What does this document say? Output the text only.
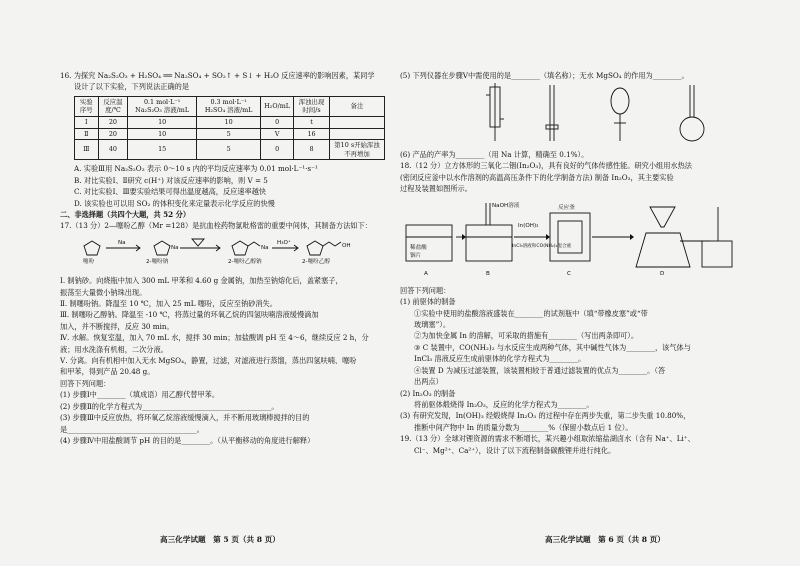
16. 为探究 Na₂S₂O₃ + H₂SO₄ ══ Na₂SO₄ + SO₂↑ + S↓ + H₂O 反应速率的影响因素，某同学

设计了以下实验，下列说法正确的是

实验序号	反应温度/℃	0.1 mol·L⁻¹ Na₂S₂O₃ 溶液/mL	0.3 mol·L⁻¹ H₂SO₄ 溶液/mL	H₂O/mL	浑浊出现时间/s	备注
Ⅰ	20	10	10	0	t	
Ⅱ	20	10	5	V	16	
Ⅲ	40	15	5	0	8	第10 s开始浑浊不再增加

A. 实验Ⅲ用 Na₂S₂O₃ 表示 0～10 s 内的平均反应速率为 0.01 mol·L⁻¹·s⁻¹

B. 对比实验Ⅰ、Ⅱ研究 c(H⁺) 对该反应速率的影响，则 V = 5

C. 对比实验Ⅰ、Ⅲ要实验结果可得出温度越高，反应速率越快

D. 该实验也可以用 SO₂ 的体积变化来定量表示化学反应的快慢

二、非选择题（共四个大题，共 52 分）

17.（13 分）2—噻吩乙醇（Mr =128）是抗血栓药物氯吡格雷的重要中间体，其制备方法如下：

噻吩	2-噻吩钠	2-噻吩乙醇钠	2-噻吩乙醇
Na	H₃O⁺
Na	Na	OH

Ⅰ. 制钠砂。向烧瓶中加入 300 mL 甲苯和 4.60 g 金属钠，加热至钠熔化后，盖紧塞子，

振荡至大量微小钠珠出现。

Ⅱ. 制噻吩钠。降温至 10 ℃，加入 25 mL 噻吩，反应至钠砂消失。

Ⅲ. 制噻吩乙醇钠。降温至 -10 ℃，将蒸过量的环氧乙烷的四氢呋喃溶液缓慢滴加

加入，并不断搅拌，反应 30 min。

Ⅳ. 水解。恢复室温，加入 70 mL 水，搅拌 30 min；加盐酸调 pH 至 4～6，继续反应 2 h，分

液；用水洗涤有机相，二次分液。

Ⅴ. 分离。向有机相中加入无水 MgSO₄，静置，过滤，对滤液进行蒸馏，蒸出四氢呋喃、噻吩

和甲苯，得到产品 20.48 g。

回答下列问题：

(1) 步骤Ⅰ中________（填成语）用乙醇代替甲苯。

(2) 步骤Ⅱ的化学方程式为____________________________________。

(3) 步骤Ⅲ中反应放热，将环氧乙烷溶液缓慢滴入，并不断用玻璃棒搅拌的目的

是____________________________________。

(4) 步骤Ⅳ中用盐酸调节 pH 的目的是________。（从平衡移动的角度进行解释）

(5) 下列仪器在步骤Ⅴ中需使用的是________（填名称）；无水 MgSO₄ 的作用为________。

(6) 产品的产率为________（用 Na 计算，精确至 0.1%）。

18.（12 分）立方体形的三氧化二铟(In₂O₃)，具有良好的气体传感性能。研究小组用水热法

(密闭反应釜中以水作溶剂的高温高压条件下的化学制备方法) 制备 In₂O₃，其主要实验

过程及装置如图所示。

NaOH溶液
A	B	C	D
In(OH)₃
反应釜
InCl₃溶液和CO(NH₂)₂混合液
稀盐酸
铟片

回答下列问题：

(1) 前驱体的制备

①实验中使用的盐酸溶液盛装在________的试剂瓶中（填“带橡皮塞”或“带

玻璃塞”）。

②为加快金属 In 的溶解，可采取的措施有________（写出两条即可）。

③ C 装置中，CO(NH₂)₂ 与水反应生成两种气体，其中碱性气体为________，该气体与

InCl₃ 溶液反应生成前驱体的化学方程式为________。

④装置 D 为减压过滤装置，该装置相较于普通过滤装置的优点为________。（答

出两点）

(2) In₂O₃ 的制备

将前驱体煅烧得 In₂O₃，反应的化学方程式为________。

(3) 有研究发现，In(OH)₃ 经煅烧得 In₂O₃ 的过程中存在两步失重，第二步失重 10.80%，

推断中间产物中 In 的质量分数为________%（保留小数点后 1 位）。

19.（13 分）全球对锂资源的需求不断增长，某兴趣小组取浓缩盐湖卤水（含有 Na⁺、Li⁺、

Cl⁻、Mg²⁺、Ca²⁺），设计了以下流程制备碳酸锂并进行纯化。

高三化学试题　第 5 页（共 8 页）	高三化学试题　第 6 页（共 8 页）
